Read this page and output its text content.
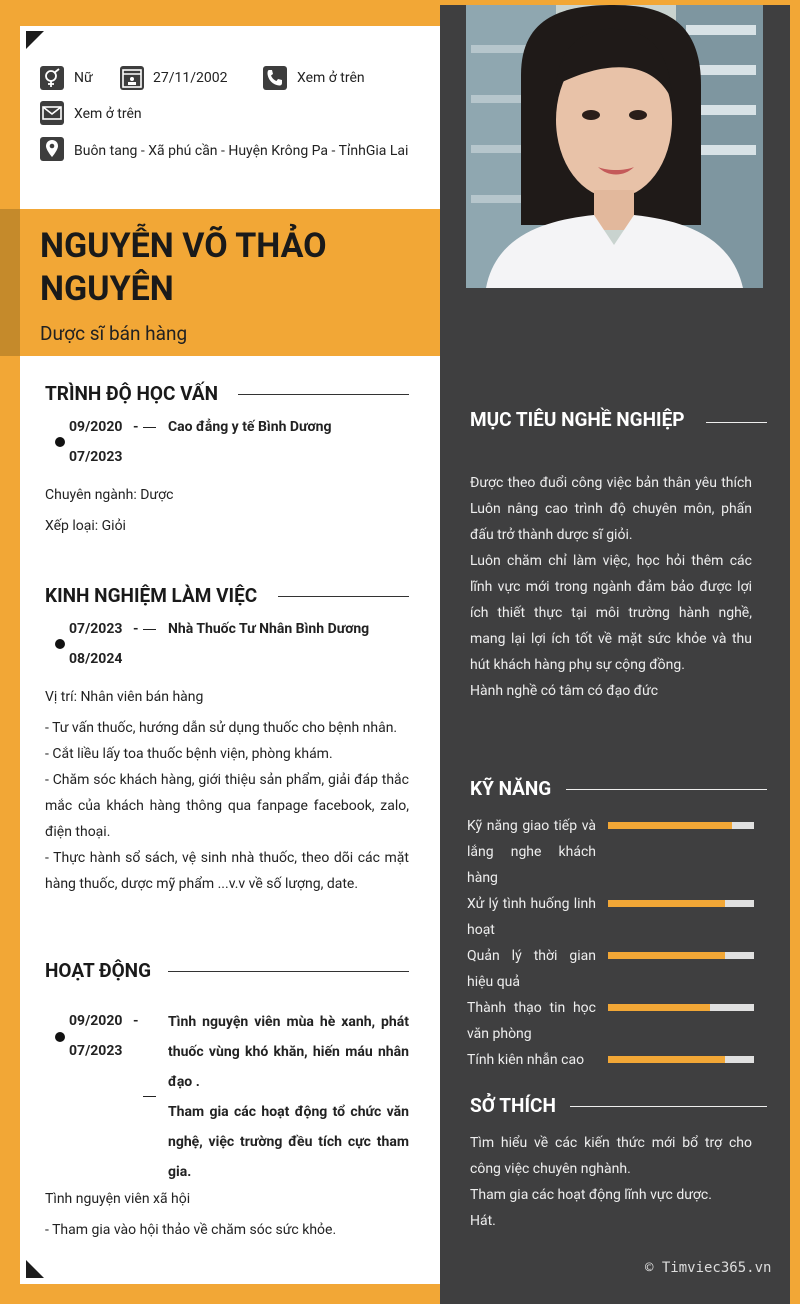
Nữ	27/11/2002	Xem ở trên
Xem ở trên
Buôn tang - Xã phú cần - Huyện Krông Pa - TỉnhGia Lai
NGUYỄN VÕ THẢO NGUYÊN
Dược sĩ bán hàng
TRÌNH ĐỘ HỌC VẤN
09/2020 - Cao đẳng y tế Bình Dương
07/2023
Chuyên ngành: Dược
Xếp loại: Giỏi
KINH NGHIỆM LÀM VIỆC
07/2023 - Nhà Thuốc Tư Nhân Bình Dương
08/2024
Vị trí: Nhân viên bán hàng
- Tư vấn thuốc, hướng dẫn sử dụng thuốc cho bệnh nhân.
- Cắt liều lấy toa thuốc bệnh viện, phòng khám.
- Chăm sóc khách hàng, giới thiệu sản phẩm, giải đáp thắc mắc của khách hàng thông qua fanpage facebook, zalo, điện thoại.
- Thực hành sổ sách, vệ sinh nhà thuốc, theo dõi các mặt hàng thuốc, dược mỹ phẩm ...v.v về số lượng, date.
HOẠT ĐỘNG
09/2020 -
07/2023
Tình nguyện viên mùa hè xanh, phát thuốc vùng khó khăn, hiến máu nhân đạo .
Tham gia các hoạt động tổ chức văn nghệ, việc trường đều tích cực tham gia.
Tình nguyện viên xã hội
- Tham gia vào hội thảo về chăm sóc sức khỏe.
MỤC TIÊU NGHỀ NGHIỆP
Được theo đuổi công việc bản thân yêu thích Luôn nâng cao trình độ chuyên môn, phấn đấu trở thành dược sĩ giỏi.
Luôn chăm chỉ làm việc, học hỏi thêm các lĩnh vực mới trong ngành đảm bảo được lợi ích thiết thực tại môi trường hành nghề, mang lại lợi ích tốt về mặt sức khỏe và thu hút khách hàng phụ sự cộng đồng.
Hành nghề có tâm có đạo đức
KỸ NĂNG
Kỹ năng giao tiếp và lắng nghe khách hàng
Xử lý tình huống linh hoạt
Quản lý thời gian hiệu quả
Thành thạo tin học văn phòng
Tính kiên nhẫn cao
SỞ THÍCH
Tìm hiểu về các kiến thức mới bổ trợ cho công việc chuyên nghành.
Tham gia các hoạt động lĩnh vực dược.
Hát.
© Timviec365.vn
